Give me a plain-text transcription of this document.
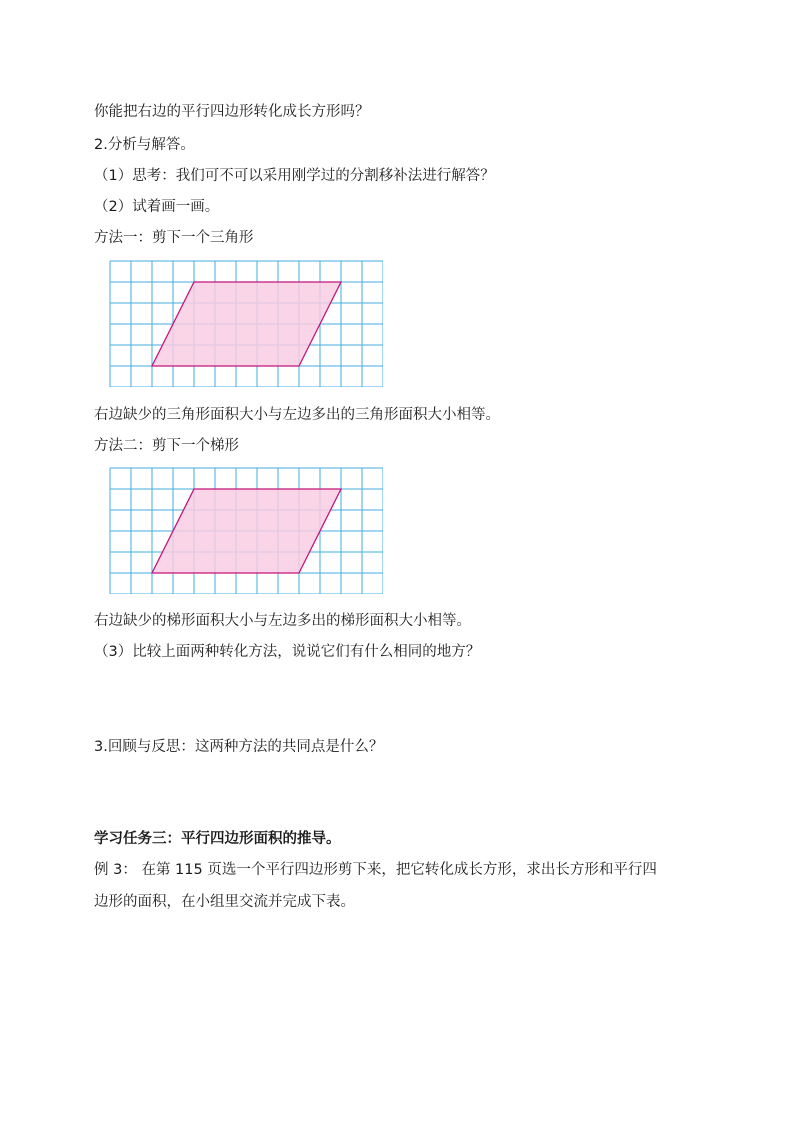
你能把右边的平行四边形转化成长方形吗？
2.分析与解答。
（1）思考：我们可不可以采用刚学过的分割移补法进行解答？
（2）试着画一画。
方法一：剪下一个三角形
右边缺少的三角形面积大小与左边多出的三角形面积大小相等。
方法二：剪下一个梯形
右边缺少的梯形面积大小与左边多出的梯形面积大小相等。
（3）比较上面两种转化方法，说说它们有什么相同的地方？
3.回顾与反思：这两种方法的共同点是什么？
学习任务三：平行四边形面积的推导。
例 3： 在第 115 页选一个平行四边形剪下来，把它转化成长方形，求出长方形和平行四
边形的面积，在小组里交流并完成下表。
